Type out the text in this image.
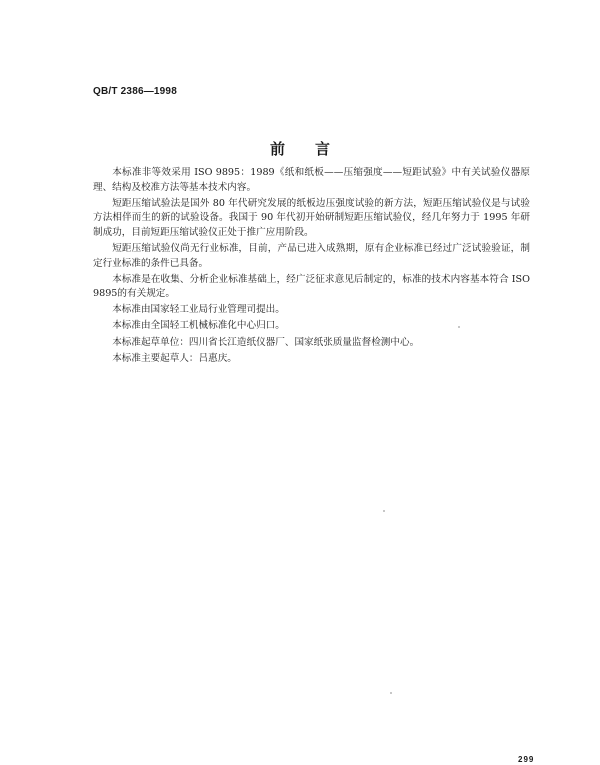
QB/T 2386—1998
前言

本标准非等效采用 ISO 9895：1989《纸和纸板——压缩强度——短距试验》中有关试验仪器原理、结构及校准方法等基本技术内容。

短距压缩试验法是国外 80 年代研究发展的纸板边压强度试验的新方法，短距压缩试验仪是与试验方法相伴而生的新的试验设备。我国于 90 年代初开始研制短距压缩试验仪，经几年努力于 1995 年研制成功，目前短距压缩试验仪正处于推广应用阶段。

短距压缩试验仪尚无行业标准，目前，产品已进入成熟期，原有企业标准已经过广泛试验验证，制定行业标准的条件已具备。

本标准是在收集、分析企业标准基础上，经广泛征求意见后制定的，标准的技术内容基本符合 ISO 9895的有关规定。

本标准由国家轻工业局行业管理司提出。

本标准由全国轻工机械标准化中心归口。

本标准起草单位：四川省长江造纸仪器厂、国家纸张质量监督检测中心。

本标准主要起草人：吕惠庆。

299
